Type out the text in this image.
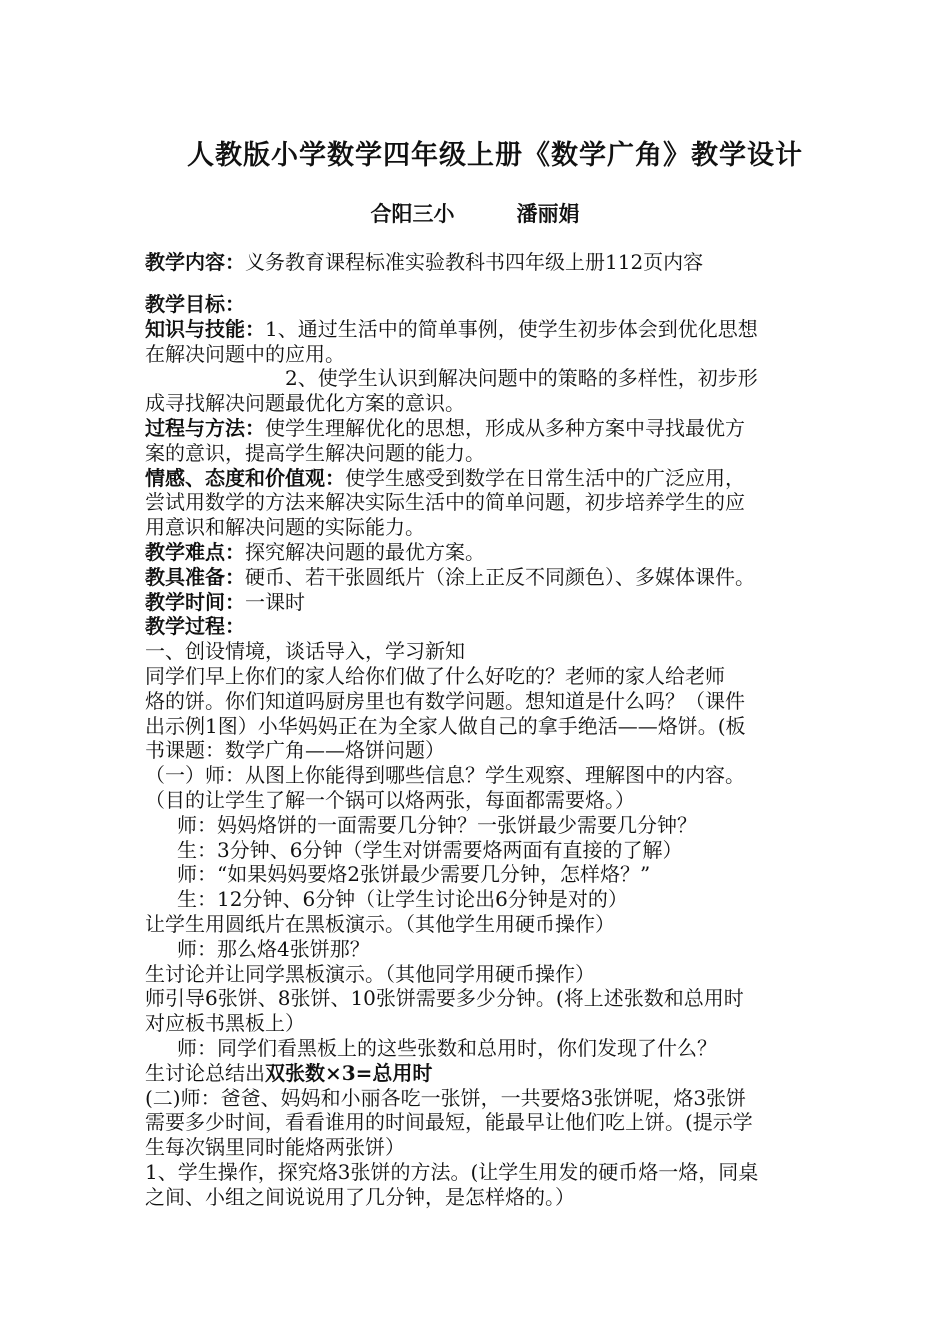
人教版小学数学四年级上册《数学广角》教学设计
合阳三小	潘丽娟
教学内容：义务教育课程标准实验教科书四年级上册112页内容
教学目标：
知识与技能：1、通过生活中的简单事例，使学生初步体会到优化思想
在解决问题中的应用。
2、使学生认识到解决问题中的策略的多样性，初步形
成寻找解决问题最优化方案的意识。
过程与方法：使学生理解优化的思想，形成从多种方案中寻找最优方
案的意识，提高学生解决问题的能力。
情感、态度和价值观：使学生感受到数学在日常生活中的广泛应用，
尝试用数学的方法来解决实际生活中的简单问题，初步培养学生的应
用意识和解决问题的实际能力。
教学难点：探究解决问题的最优方案。
教具准备：硬币、若干张圆纸片（涂上正反不同颜色）、多媒体课件。
教学时间：一课时
教学过程：
一、创设情境，谈话导入，学习新知
同学们早上你们的家人给你们做了什么好吃的？老师的家人给老师
烙的饼。你们知道吗厨房里也有数学问题。想知道是什么吗？（课件
出示例1图）小华妈妈正在为全家人做自己的拿手绝活——烙饼。(板
书课题：数学广角——烙饼问题）
（一）师：从图上你能得到哪些信息？学生观察、理解图中的内容。
（目的让学生了解一个锅可以烙两张，每面都需要烙。）
师：妈妈烙饼的一面需要几分钟？一张饼最少需要几分钟？
生：3分钟、6分钟（学生对饼需要烙两面有直接的了解）
师：“如果妈妈要烙2张饼最少需要几分钟，怎样烙？”
生：12分钟、6分钟（让学生讨论出6分钟是对的）
让学生用圆纸片在黑板演示。（其他学生用硬币操作）
师：那么烙4张饼那？
生讨论并让同学黑板演示。（其他同学用硬币操作）
师引导6张饼、8张饼、10张饼需要多少分钟。(将上述张数和总用时
对应板书黑板上）
师：同学们看黑板上的这些张数和总用时，你们发现了什么？
生讨论总结出双张数×3=总用时
(二)师：爸爸、妈妈和小丽各吃一张饼，一共要烙3张饼呢，烙3张饼
需要多少时间，看看谁用的时间最短，能最早让他们吃上饼。(提示学
生每次锅里同时能烙两张饼）
1、学生操作，探究烙3张饼的方法。(让学生用发的硬币烙一烙，同桌
之间、小组之间说说用了几分钟，是怎样烙的。）
